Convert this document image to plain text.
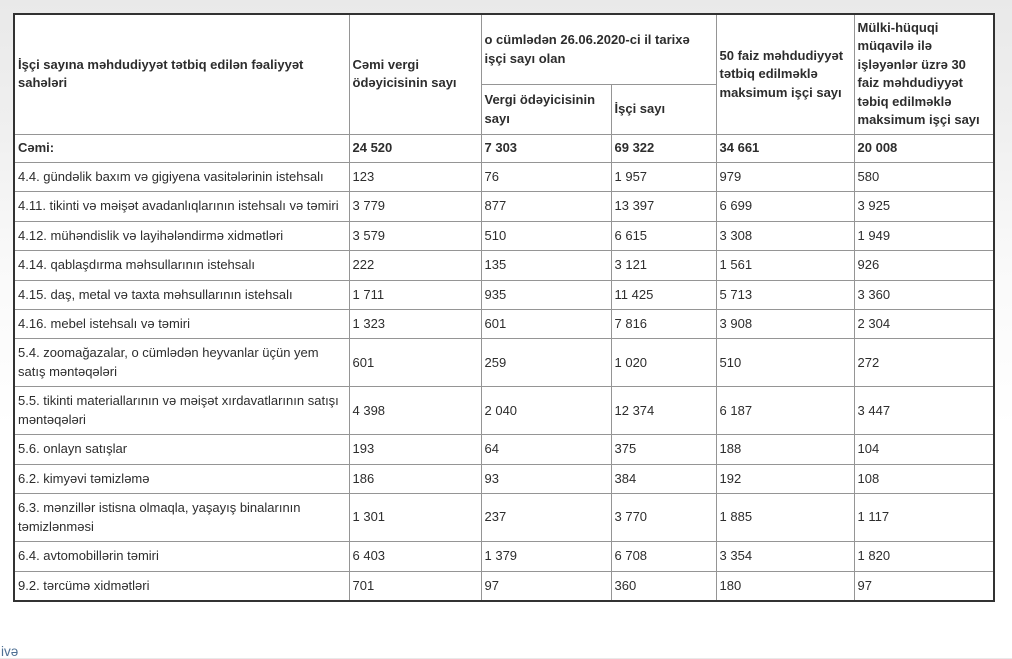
İşçi sayına məhdudiyyət tətbiq edilən fəaliyyət sahələri	Cəmi vergi ödəyicisinin sayı	o cümlədən 26.06.2020-ci il tarixə işçi sayı olan		50 faiz məhdudiyyət tətbiq edilməklə maksimum işçi sayı	Mülki-hüquqi müqavilə ilə işləyənlər üzrə 30 faiz məhdudiyyət təbiq edilməklə maksimum işçi sayı
		Vergi ödəyicisinin sayı	İşçi sayı		
Cəmi:	24 520	7 303	69 322	34 661	20 008
4.4. gündəlik baxım və gigiyena vasitələrinin istehsalı	123	76	1 957	979	580
4.11. tikinti və məişət avadanlıqlarının istehsalı və təmiri	3 779	877	13 397	6 699	3 925
4.12. mühəndislik və layihələndirmə xidmətləri	3 579	510	6 615	3 308	1 949
4.14. qablaşdırma məhsullarının istehsalı	222	135	3 121	1 561	926
4.15. daş, metal və taxta məhsullarının istehsalı	1 711	935	11 425	5 713	3 360
4.16. mebel istehsalı və təmiri	1 323	601	7 816	3 908	2 304
5.4. zoomağazalar, o cümlədən heyvanlar üçün yem satış məntəqələri	601	259	1 020	510	272
5.5. tikinti materiallarının və məişət xırdavatlarının satışı məntəqələri	4 398	2 040	12 374	6 187	3 447
5.6. onlayn satışlar	193	64	375	188	104
6.2. kimyəvi təmizləmə	186	93	384	192	108
6.3. mənzillər istisna olmaqla, yaşayış binalarının təmizlənməsi	1 301	237	3 770	1 885	1 117
6.4. avtomobillərin təmiri	6 403	1 379	6 708	3 354	1 820
9.2. tərcümə xidmətləri	701	97	360	180	97
ivə
